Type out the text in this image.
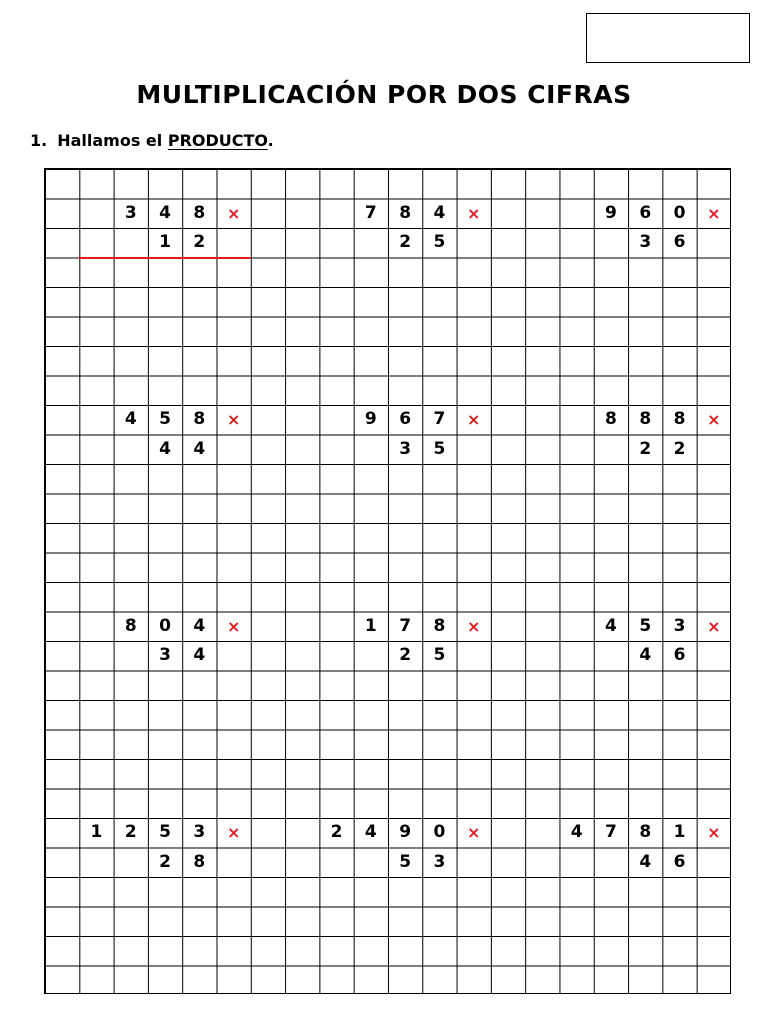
MULTIPLICACIÓN POR DOS CIFRAS
1. Hallamos el PRODUCTO.
3	4	8	×
1	2
7	8	4	×
2	5
9	6	0	×
3	6
4	5	8	×
4	4
9	6	7	×
3	5
8	8	8	×
2	2
8	0	4	×
3	4
1	7	8	×
2	5
4	5	3	×
4	6
1	2	5	3	×
2	8
2	4	9	0	×
5	3
4	7	8	1	×
4	6
